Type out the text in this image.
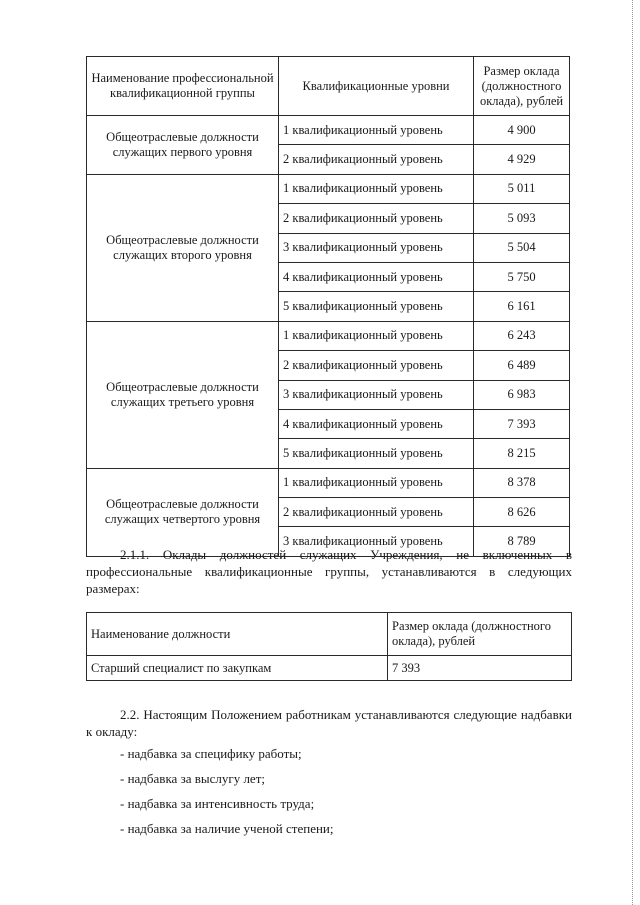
Наименование профессиональной квалификационной группы	Квалификационные уровни	Размер оклада (должностного оклада), рублей
Общеотраслевые должности служащих первого уровня	1 квалификационный уровень	4 900
	2 квалификационный уровень	4 929
Общеотраслевые должности служащих второго уровня	1 квалификационный уровень	5 011
	2 квалификационный уровень	5 093
	3 квалификационный уровень	5 504
	4 квалификационный уровень	5 750
	5 квалификационный уровень	6 161
Общеотраслевые должности служащих третьего уровня	1 квалификационный уровень	6 243
	2 квалификационный уровень	6 489
	3 квалификационный уровень	6 983
	4 квалификационный уровень	7 393
	5 квалификационный уровень	8 215
Общеотраслевые должности служащих четвертого уровня	1 квалификационный уровень	8 378
	2 квалификационный уровень	8 626
	3 квалификационный уровень	8 789
2.1.1. Оклады должностей служащих Учреждения, не включенных в профессиональные квалификационные группы, устанавливаются в следующих размерах:
Наименование должности	Размер оклада (должностного оклада), рублей
Старший специалист по закупкам	7 393
2.2. Настоящим Положением работникам устанавливаются следующие надбавки к окладу:
- надбавка за специфику работы;
- надбавка за выслугу лет;
- надбавка за интенсивность труда;
- надбавка за наличие ученой степени;
